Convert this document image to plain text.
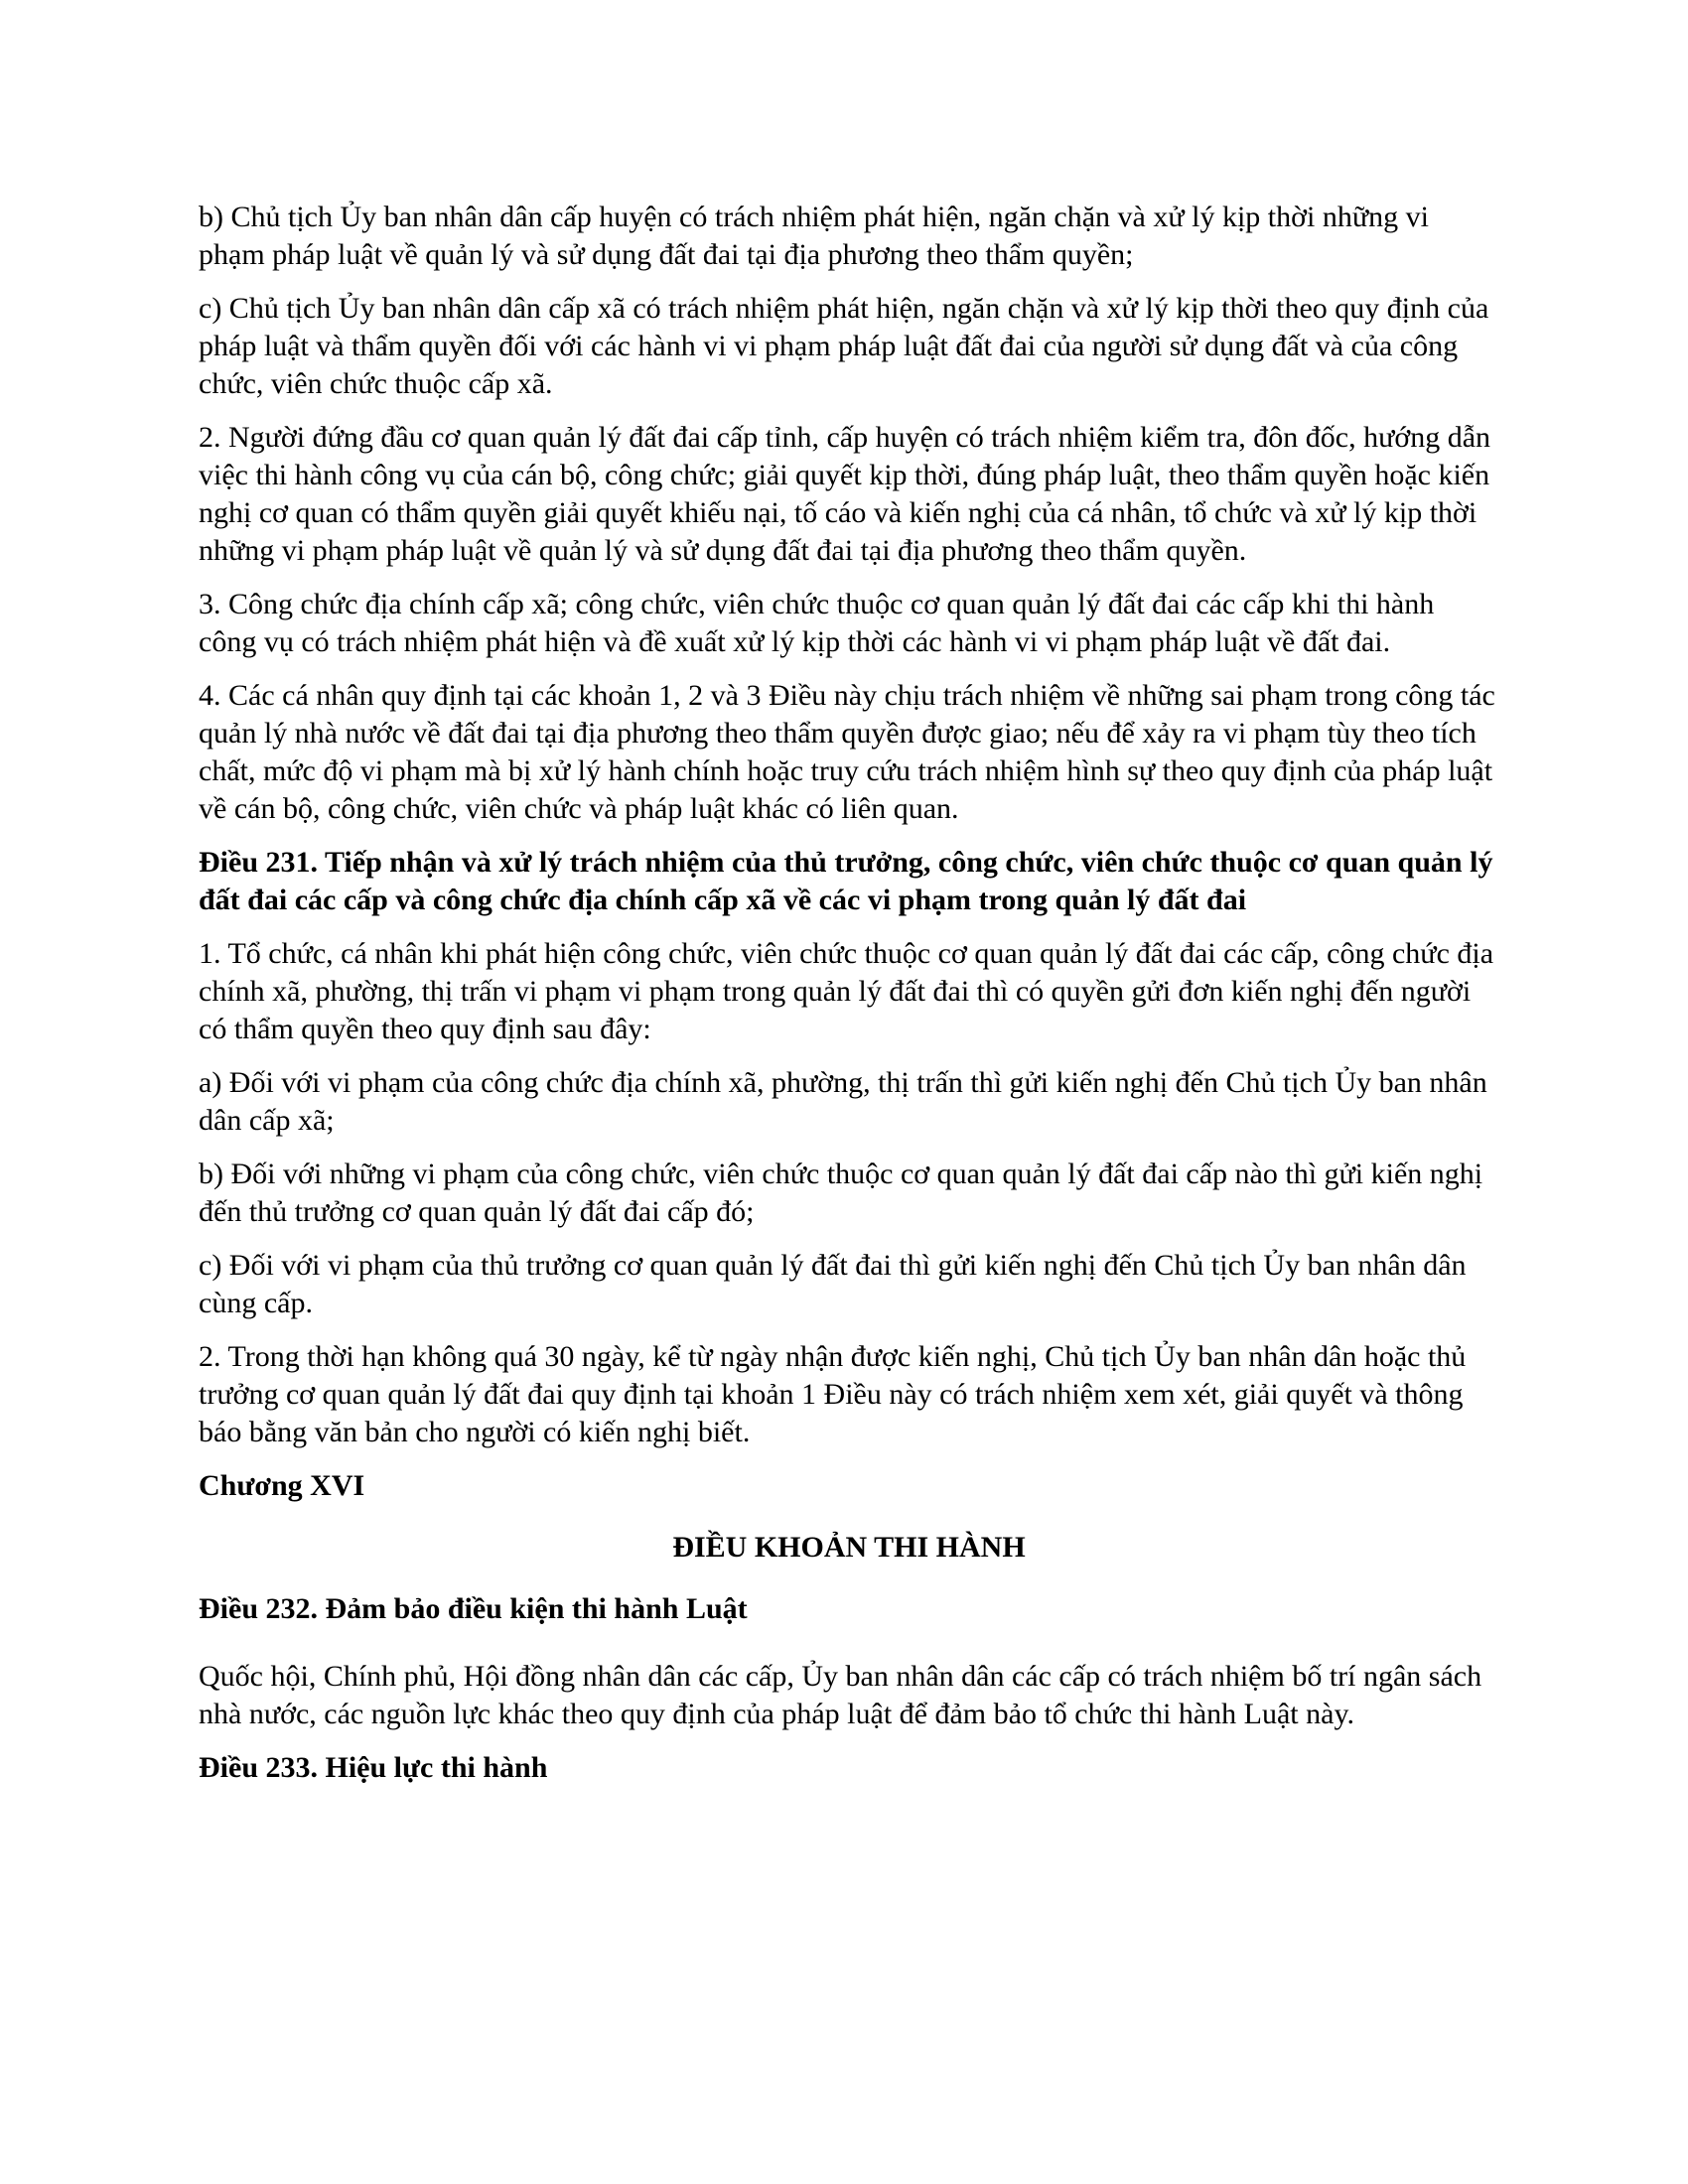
b) Chủ tịch Ủy ban nhân dân cấp huyện có trách nhiệm phát hiện, ngăn chặn và xử lý kịp thời những vi phạm pháp luật về quản lý và sử dụng đất đai tại địa phương theo thẩm quyền;

c) Chủ tịch Ủy ban nhân dân cấp xã có trách nhiệm phát hiện, ngăn chặn và xử lý kịp thời theo quy định của pháp luật và thẩm quyền đối với các hành vi vi phạm pháp luật đất đai của người sử dụng đất và của công chức, viên chức thuộc cấp xã.

2. Người đứng đầu cơ quan quản lý đất đai cấp tỉnh, cấp huyện có trách nhiệm kiểm tra, đôn đốc, hướng dẫn việc thi hành công vụ của cán bộ, công chức; giải quyết kịp thời, đúng pháp luật, theo thẩm quyền hoặc kiến nghị cơ quan có thẩm quyền giải quyết khiếu nại, tố cáo và kiến nghị của cá nhân, tổ chức và xử lý kịp thời những vi phạm pháp luật về quản lý và sử dụng đất đai tại địa phương theo thẩm quyền.

3. Công chức địa chính cấp xã; công chức, viên chức thuộc cơ quan quản lý đất đai các cấp khi thi hành công vụ có trách nhiệm phát hiện và đề xuất xử lý kịp thời các hành vi vi phạm pháp luật về đất đai.

4. Các cá nhân quy định tại các khoản 1, 2 và 3 Điều này chịu trách nhiệm về những sai phạm trong công tác quản lý nhà nước về đất đai tại địa phương theo thẩm quyền được giao; nếu để xảy ra vi phạm tùy theo tích chất, mức độ vi phạm mà bị xử lý hành chính hoặc truy cứu trách nhiệm hình sự theo quy định của pháp luật về cán bộ, công chức, viên chức và pháp luật khác có liên quan.

Điều 231. Tiếp nhận và xử lý trách nhiệm của thủ trưởng, công chức, viên chức thuộc cơ quan quản lý đất đai các cấp và công chức địa chính cấp xã về các vi phạm trong quản lý đất đai

1. Tổ chức, cá nhân khi phát hiện công chức, viên chức thuộc cơ quan quản lý đất đai các cấp, công chức địa chính xã, phường, thị trấn vi phạm vi phạm trong quản lý đất đai thì có quyền gửi đơn kiến nghị đến người có thẩm quyền theo quy định sau đây:

a) Đối với vi phạm của công chức địa chính xã, phường, thị trấn thì gửi kiến nghị đến Chủ tịch Ủy ban nhân dân cấp xã;

b) Đối với những vi phạm của công chức, viên chức thuộc cơ quan quản lý đất đai cấp nào thì gửi kiến nghị đến thủ trưởng cơ quan quản lý đất đai cấp đó;

c) Đối với vi phạm của thủ trưởng cơ quan quản lý đất đai thì gửi kiến nghị đến Chủ tịch Ủy ban nhân dân cùng cấp.

2. Trong thời hạn không quá 30 ngày, kể từ ngày nhận được kiến nghị, Chủ tịch Ủy ban nhân dân hoặc thủ trưởng cơ quan quản lý đất đai quy định tại khoản 1 Điều này có trách nhiệm xem xét, giải quyết và thông báo bằng văn bản cho người có kiến nghị biết.

Chương XVI

ĐIỀU KHOẢN THI HÀNH

Điều 232. Đảm bảo điều kiện thi hành Luật

Quốc hội, Chính phủ, Hội đồng nhân dân các cấp, Ủy ban nhân dân các cấp có trách nhiệm bố trí ngân sách nhà nước, các nguồn lực khác theo quy định của pháp luật để đảm bảo tổ chức thi hành Luật này.

Điều 233. Hiệu lực thi hành
